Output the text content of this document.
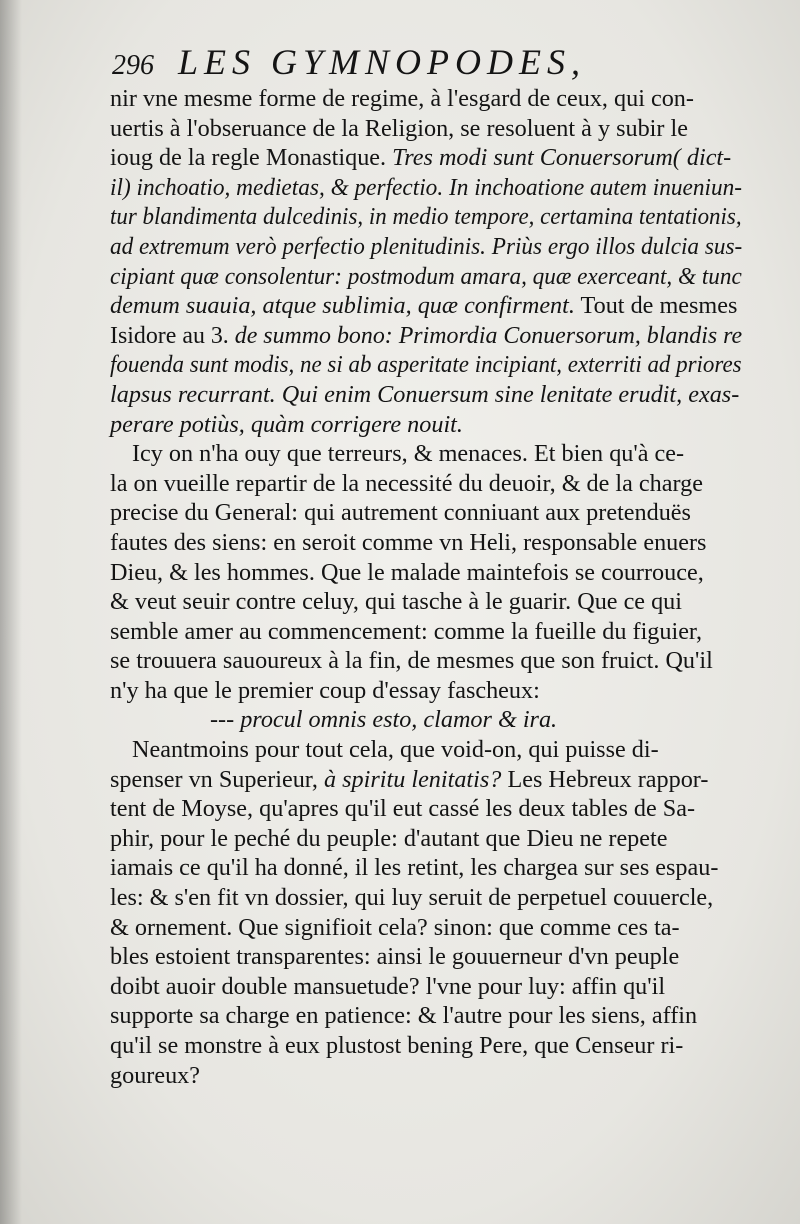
296 LES GYMNOPODES,
nir vne mesme forme de regime, à l'esgard de ceux, qui con-
uertis à l'obseruance de la Religion, se resoluent à y subir le
ioug de la regle Monastique. Tres modi sunt Conuersorum( dict-
il) inchoatio, medietas, & perfectio. In inchoatione autem inueniun-
tur blandimenta dulcedinis, in medio tempore, certamina tentationis,
ad extremum verò perfectio plenitudinis. Priùs ergo illos dulcia sus-
cipiant quæ consolentur: postmodum amara, quæ exerceant, & tunc
demum suauia, atque sublimia, quæ confirment. Tout de mesmes
Isidore au 3. de summo bono: Primordia Conuersorum, blandis re
fouenda sunt modis, ne si ab asperitate incipiant, exterriti ad priores
lapsus recurrant. Qui enim Conuersum sine lenitate erudit, exas-
perare potiùs, quàm corrigere nouit.
Icy on n'ha ouy que terreurs, & menaces. Et bien qu'à ce-
la on vueille repartir de la necessité du deuoir, & de la charge
precise du General: qui autrement conniuant aux pretenduës
fautes des siens: en seroit comme vn Heli, responsable enuers
Dieu, & les hommes. Que le malade maintefois se courrouce,
& veut seuir contre celuy, qui tasche à le guarir. Que ce qui
semble amer au commencement: comme la fueille du figuier,
se trouuera sauoureux à la fin, de mesmes que son fruict. Qu'il
n'y ha que le premier coup d'essay fascheux:
--- procul omnis esto, clamor & ira.
Neantmoins pour tout cela, que void-on, qui puisse di-
spenser vn Superieur, à spiritu lenitatis? Les Hebreux rappor-
tent de Moyse, qu'apres qu'il eut cassé les deux tables de Sa-
phir, pour le peché du peuple: d'autant que Dieu ne repete
iamais ce qu'il ha donné, il les retint, les chargea sur ses espau-
les: & s'en fit vn dossier, qui luy seruit de perpetuel couuercle,
& ornement. Que signifioit cela? sinon: que comme ces ta-
bles estoient transparentes: ainsi le gouuerneur d'vn peuple
doibt auoir double mansuetude? l'vne pour luy: affin qu'il
supporte sa charge en patience: & l'autre pour les siens, affin
qu'il se monstre à eux plustost bening Pere, que Censeur ri-
goureux?
